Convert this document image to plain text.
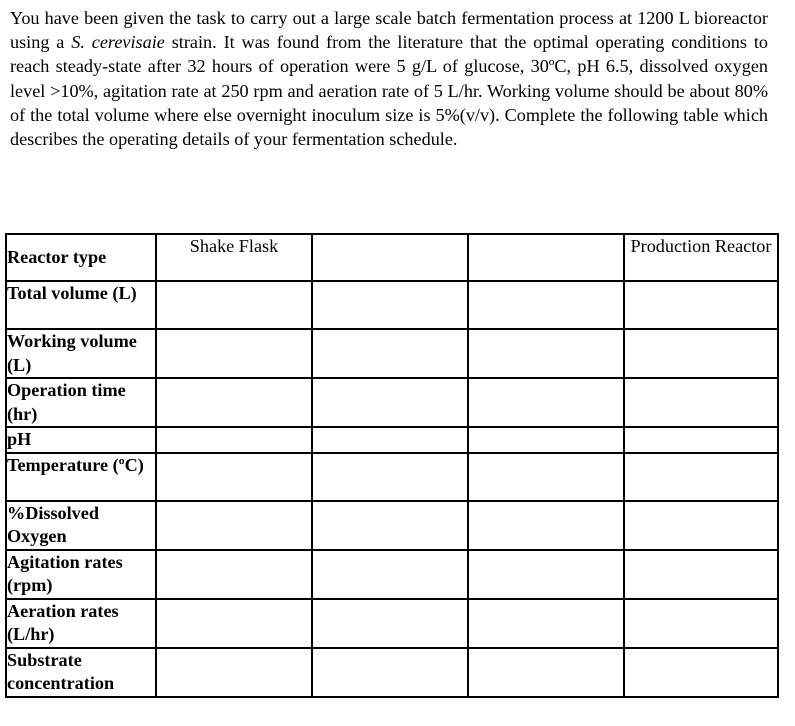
You have been given the task to carry out a large scale batch fermentation process at 1200 L bioreactor using a S. cerevisaie strain. It was found from the literature that the optimal operating conditions to reach steady-state after 32 hours of operation were 5 g/L of glucose, 30ºC, pH 6.5, dissolved oxygen level >10%, agitation rate at 250 rpm and aeration rate of 5 L/hr. Working volume should be about 80% of the total volume where else overnight inoculum size is 5%(v/v). Complete the following table which describes the operating details of your fermentation schedule.

Reactor type	Shake Flask			Production Reactor
Total volume (L)				
Working volume (L)				
Operation time (hr)				
pH				
Temperature (ºC)				
%Dissolved Oxygen				
Agitation rates (rpm)				
Aeration rates (L/hr)				
Substrate concentration				
